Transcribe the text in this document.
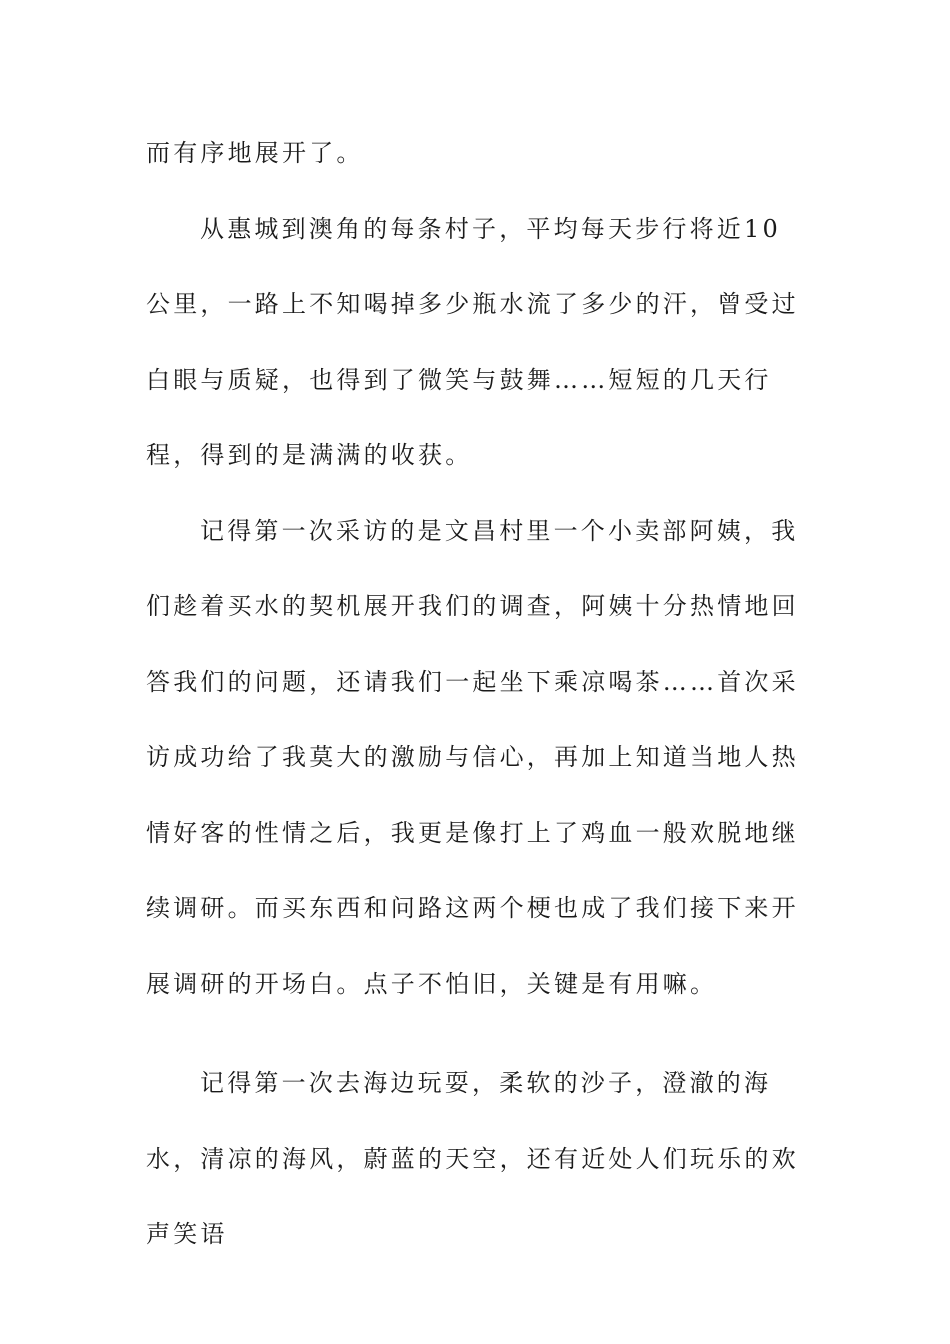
而有序地展开了。

从惠城到澳角的每条村子，平均每天步行将近10公里，一路上不知喝掉多少瓶水流了多少的汗，曾受过白眼与质疑，也得到了微笑与鼓舞……短短的几天行程，得到的是满满的收获。

记得第一次采访的是文昌村里一个小卖部阿姨，我们趁着买水的契机展开我们的调查，阿姨十分热情地回答我们的问题，还请我们一起坐下乘凉喝茶……首次采访成功给了我莫大的激励与信心，再加上知道当地人热情好客的性情之后，我更是像打上了鸡血一般欢脱地继续调研。而买东西和问路这两个梗也成了我们接下来开展调研的开场白。点子不怕旧，关键是有用嘛。

记得第一次去海边玩耍，柔软的沙子，澄澈的海水，清凉的海风，蔚蓝的天空，还有近处人们玩乐的欢声笑语
